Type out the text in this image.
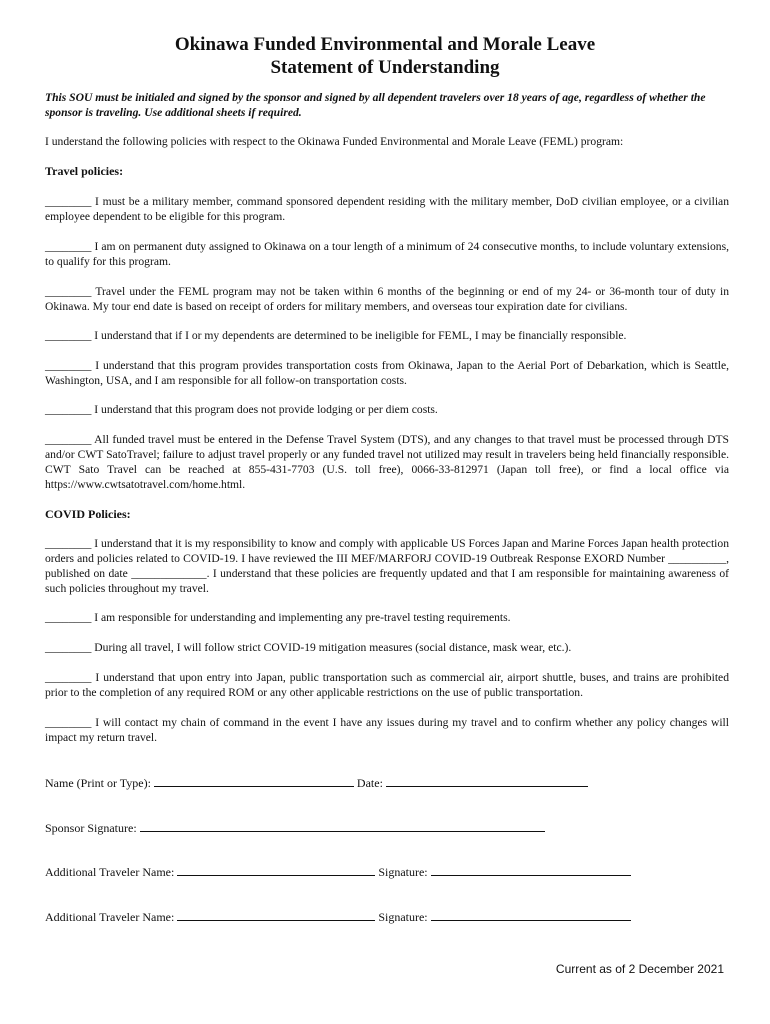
Okinawa Funded Environmental and Morale Leave
Statement of Understanding
This SOU must be initialed and signed by the sponsor and signed by all dependent travelers over 18 years of age, regardless of whether the sponsor is traveling. Use additional sheets if required.
I understand the following policies with respect to the Okinawa Funded Environmental and Morale Leave (FEML) program:
Travel policies:
________ I must be a military member, command sponsored dependent residing with the military member, DoD civilian employee, or a civilian employee dependent to be eligible for this program.
________ I am on permanent duty assigned to Okinawa on a tour length of a minimum of 24 consecutive months, to include voluntary extensions, to qualify for this program.
________ Travel under the FEML program may not be taken within 6 months of the beginning or end of my 24- or 36-month tour of duty in Okinawa. My tour end date is based on receipt of orders for military members, and overseas tour expiration date for civilians.
________ I understand that if I or my dependents are determined to be ineligible for FEML, I may be financially responsible.
________ I understand that this program provides transportation costs from Okinawa, Japan to the Aerial Port of Debarkation, which is Seattle, Washington, USA, and I am responsible for all follow-on transportation costs.
________ I understand that this program does not provide lodging or per diem costs.
________ All funded travel must be entered in the Defense Travel System (DTS), and any changes to that travel must be processed through DTS and/or CWT SatoTravel; failure to adjust travel properly or any funded travel not utilized may result in travelers being held financially responsible. CWT Sato Travel can be reached at 855-431-7703 (U.S. toll free), 0066-33-812971 (Japan toll free), or find a local office via https://www.cwtsatotravel.com/home.html.
COVID Policies:
________ I understand that it is my responsibility to know and comply with applicable US Forces Japan and Marine Forces Japan health protection orders and policies related to COVID-19. I have reviewed the III MEF/MARFORJ COVID-19 Outbreak Response EXORD Number __________, published on date _____________. I understand that these policies are frequently updated and that I am responsible for maintaining awareness of such policies throughout my travel.
________ I am responsible for understanding and implementing any pre-travel testing requirements.
________ During all travel, I will follow strict COVID-19 mitigation measures (social distance, mask wear, etc.).
________ I understand that upon entry into Japan, public transportation such as commercial air, airport shuttle, buses, and trains are prohibited prior to the completion of any required ROM or any other applicable restrictions on the use of public transportation.
________ I will contact my chain of command in the event I have any issues during my travel and to confirm whether any policy changes will impact my return travel.
Name (Print or Type):	Date:
Sponsor Signature:
Additional Traveler Name:	Signature:
Additional Traveler Name:	Signature:
Current as of 2 December 2021
